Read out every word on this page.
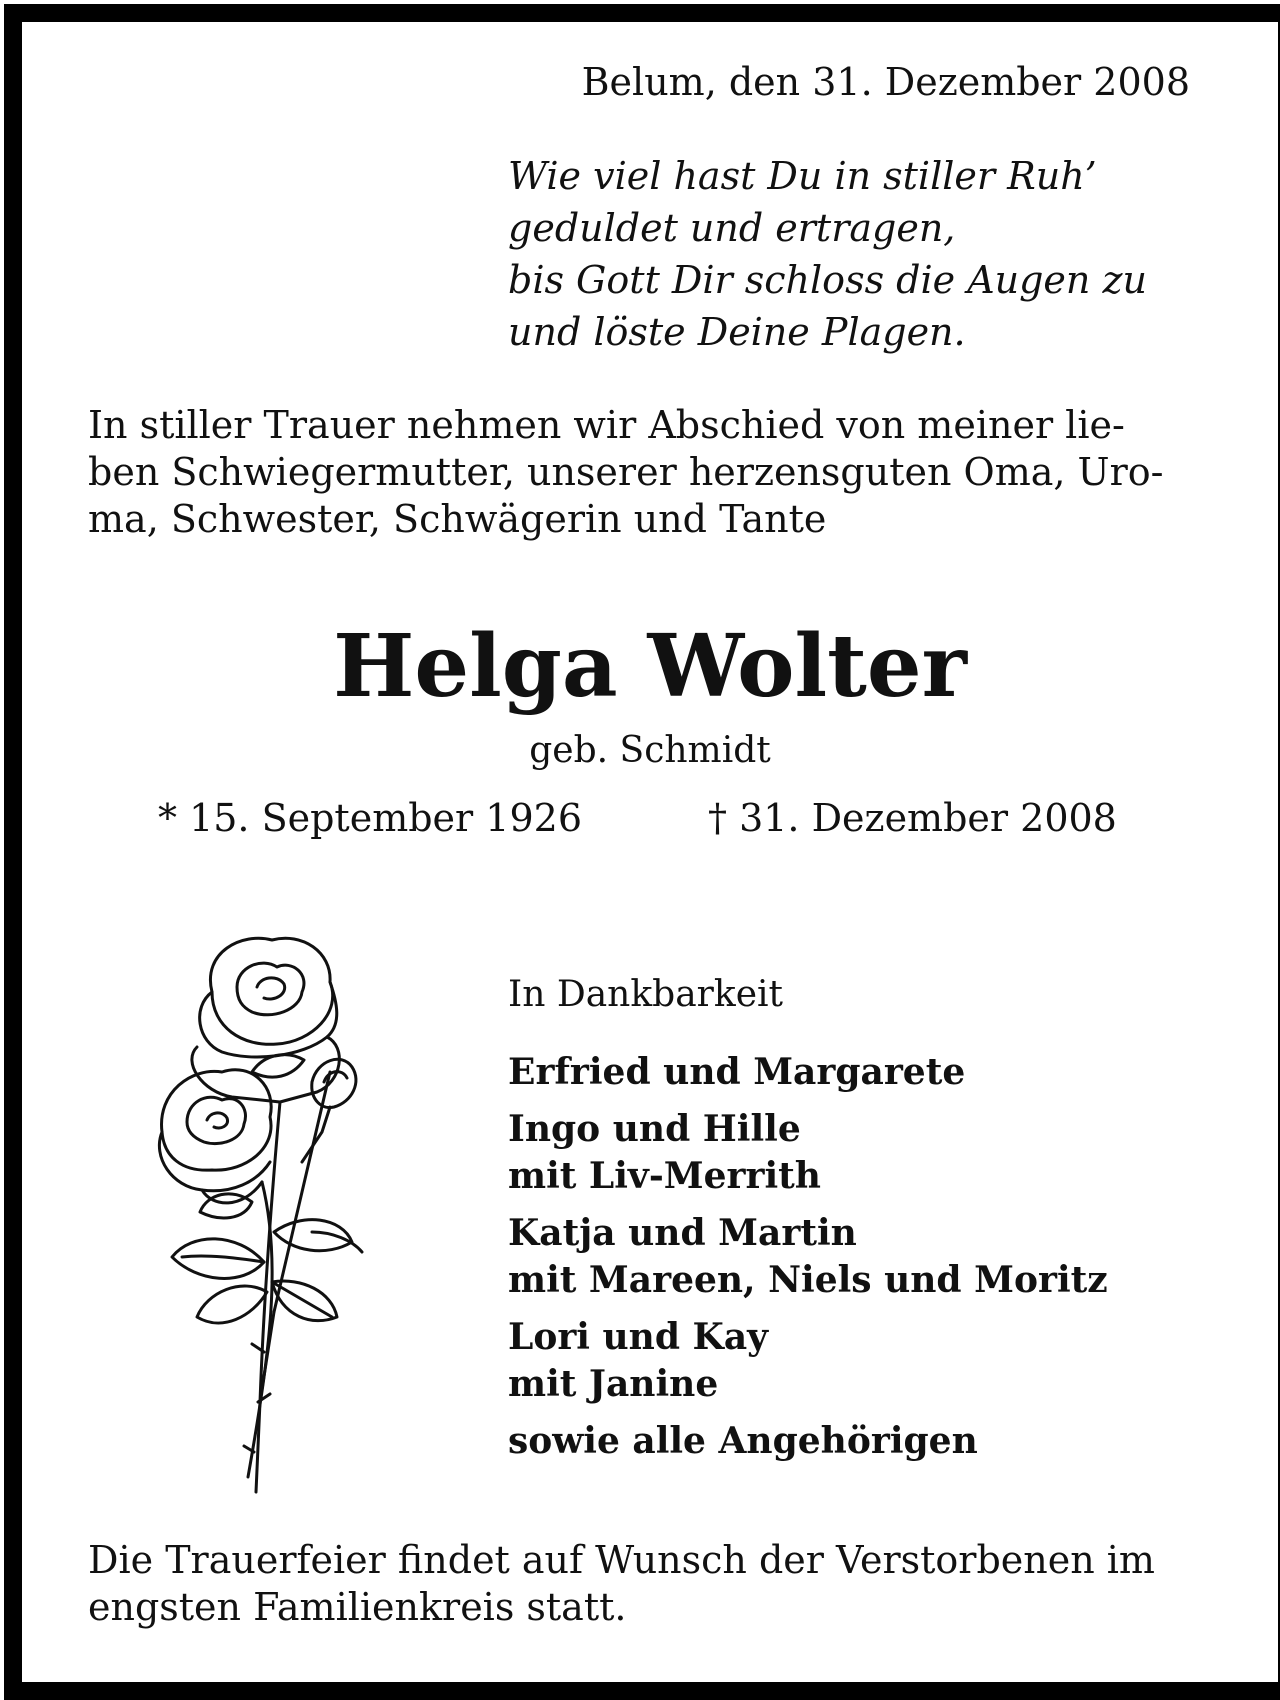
Belum, den 31. Dezember 2008
Wie viel hast Du in stiller Ruh’
geduldet und ertragen,
bis Gott Dir schloss die Augen zu
und löste Deine Plagen.
In stiller Trauer nehmen wir Abschied von meiner lie-
ben Schwiegermutter, unserer herzensguten Oma, Uro-
ma, Schwester, Schwägerin und Tante
Helga Wolter
geb. Schmidt
* 15. September 1926	† 31. Dezember 2008
In Dankbarkeit
Erfried und Margarete
Ingo und Hille
mit Liv-Merrith
Katja und Martin
mit Mareen, Niels und Moritz
Lori und Kay
mit Janine
sowie alle Angehörigen
Die Trauerfeier findet auf Wunsch der Verstorbenen im
engsten Familienkreis statt.
